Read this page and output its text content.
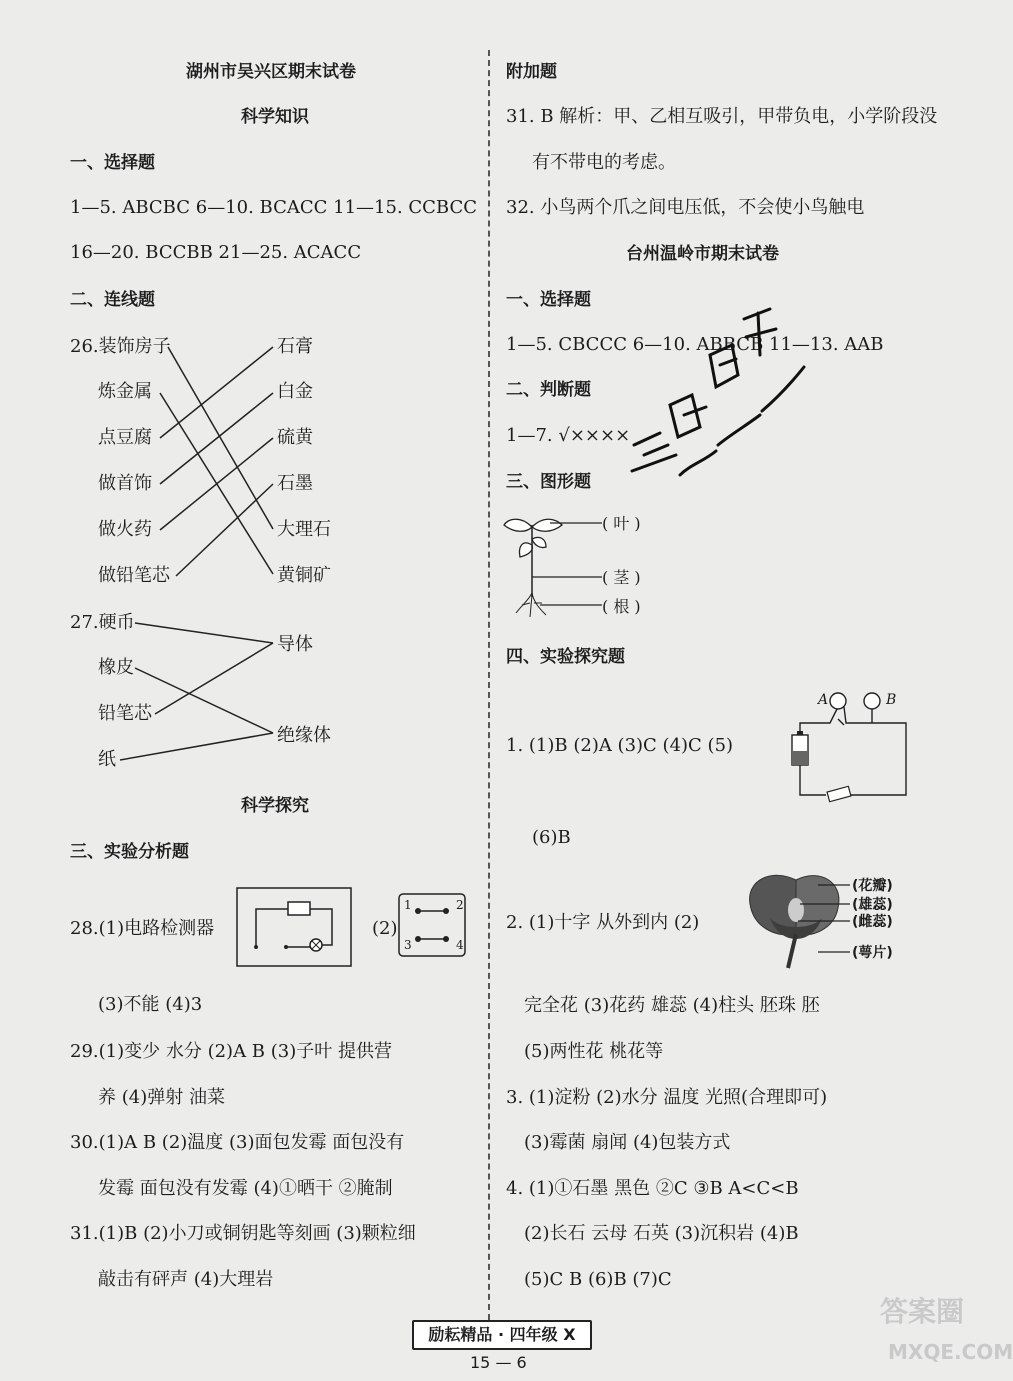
湖州市吴兴区期末试卷
科学知识
一、选择题
1—5. ABCBC 6—10. BCACC 11—15. CCBCC
16—20. BCCBB 21—25. ACACC
二、连线题
26.装饰房子
炼金属
点豆腐
做首饰
做火药
做铅笔芯
石膏
白金
硫黄
石墨
大理石
黄铜矿
27.硬币
橡皮
铅笔芯
纸
导体
绝缘体
科学探究
三、实验分析题
28.(1)电路检测器	(2)
1	2
3	4
(3)不能 (4)3
29.(1)变少 水分 (2)A B (3)子叶 提供营
养 (4)弹射 油菜
30.(1)A B (2)温度 (3)面包发霉 面包没有
发霉 面包没有发霉 (4)①晒干 ②腌制
31.(1)B (2)小刀或铜钥匙等刻画 (3)颗粒细
敲击有砰声 (4)大理岩
附加题
31. B 解析：甲、乙相互吸引，甲带负电，小学阶段没
有不带电的考虑。
32. 小鸟两个爪之间电压低，不会使小鸟触电
台州温岭市期末试卷
一、选择题
1—5. CBCCC 6—10. ABBCB 11—13. AAB
二、判断题
1—7. √××××
三、图形题
( 叶 )
( 茎 )
( 根 )
四、实验探究题
1. (1)B (2)A (3)C (4)C (5)
A	B
(6)B
2. (1)十字 从外到内 (2)
(花瓣)
(雄蕊)
(雌蕊)
(萼片)
完全花 (3)花药 雄蕊 (4)柱头 胚珠 胚
(5)两性花 桃花等
3. (1)淀粉 (2)水分 温度 光照(合理即可)
(3)霉菌 扇闻 (4)包装方式
4. (1)①石墨 黑色 ②C ③B A<C<B
(2)长石 云母 石英 (3)沉积岩 (4)B
(5)C B (6)B (7)C
励耘精品 · 四年级 X
15 — 6
答案圈
MXQE.COM
